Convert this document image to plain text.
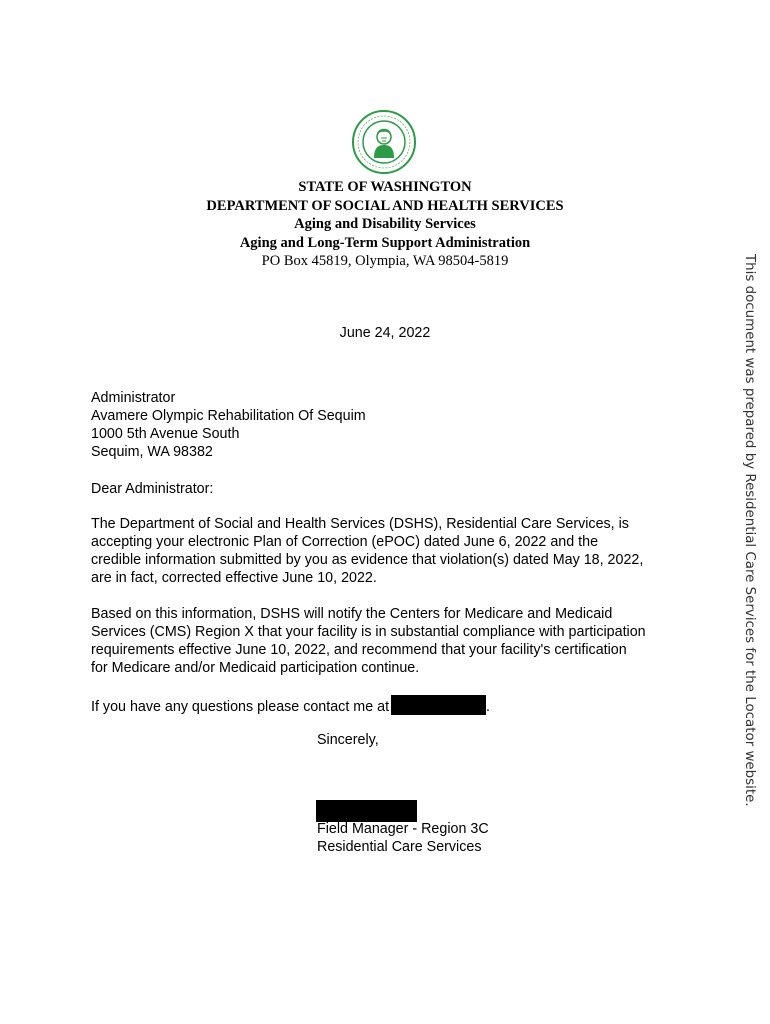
STATE OF WASHINGTON
DEPARTMENT OF SOCIAL AND HEALTH SERVICES
Aging and Disability Services
Aging and Long-Term Support Administration
PO Box 45819, Olympia, WA 98504-5819
June 24, 2022
Administrator
Avamere Olympic Rehabilitation Of Sequim
1000 5th Avenue South
Sequim, WA 98382
Dear Administrator:
The Department of Social and Health Services (DSHS), Residential Care Services, is
accepting your electronic Plan of Correction (ePOC) dated June 6, 2022 and the
credible information submitted by you as evidence that violation(s) dated May 18, 2022,
are in fact, corrected effective June 10, 2022.
Based on this information, DSHS will notify the Centers for Medicare and Medicaid
Services (CMS) Region X that your facility is in substantial compliance with participation
requirements effective June 10, 2022, and recommend that your facility's certification
for Medicare and/or Medicaid participation continue.
If you have any questions please contact me at	.
Sincerely,
Field Manager - Region 3C
Residential Care Services
This document was prepared by Residential Care Services for the Locator website.
